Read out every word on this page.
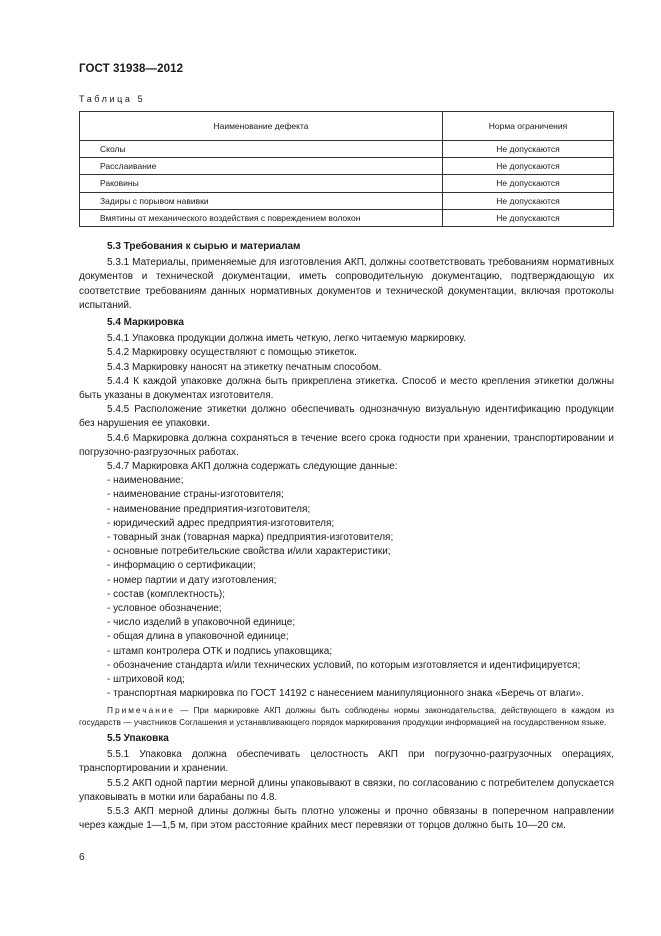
ГОСТ 31938—2012
Таблица 5
Наименование дефекта	Норма ограничения
Сколы	Не допускаются
Расслаивание	Не допускаются
Раковины	Не допускаются
Задиры с порывом навивки	Не допускаются
Вмятины от механического воздействия с повреждением волокон	Не допускаются

5.3 Требования к сырью и материалам

5.3.1 Материалы, применяемые для изготовления АКП, должны соответствовать требованиям нормативных документов и технической документации, иметь сопроводительную документацию, подтверждающую их соответствие требованиям данных нормативных документов и технической документации, включая протоколы испытаний.

5.4 Маркировка

5.4.1 Упаковка продукции должна иметь четкую, легко читаемую маркировку.

5.4.2 Маркировку осуществляют с помощью этикеток.

5.4.3 Маркировку наносят на этикетку печатным способом.

5.4.4 К каждой упаковке должна быть прикреплена этикетка. Способ и место крепления этикетки должны быть указаны в документах изготовителя.

5.4.5 Расположение этикетки должно обеспечивать однозначную визуальную идентификацию продукции без нарушения ее упаковки.

5.4.6 Маркировка должна сохраняться в течение всего срока годности при хранении, транспортировании и погрузочно-разгрузочных работах.

5.4.7 Маркировка АКП должна содержать следующие данные:

- наименование;

- наименование страны-изготовителя;

- наименование предприятия-изготовителя;

- юридический адрес предприятия-изготовителя;

- товарный знак (товарная марка) предприятия-изготовителя;

- основные потребительские свойства и/или характеристики;

- информацию о сертификации;

- номер партии и дату изготовления;

- состав (комплектность);

- условное обозначение;

- число изделий в упаковочной единице;

- общая длина в упаковочной единице;

- штамп контролера ОТК и подпись упаковщика;

- обозначение стандарта и/или технических условий, по которым изготовляется и идентифицируется;

- штриховой код;

- транспортная маркировка по ГОСТ 14192 с нанесением манипуляционного знака «Беречь от влаги».

Примечание — При маркировке АКП должны быть соблюдены нормы законодательства, действующего в каждом из государств — участников Соглашения и устанавливающего порядок маркирования продукции информацией на государственном языке.

5.5 Упаковка

5.5.1 Упаковка должна обеспечивать целостность АКП при погрузочно-разгрузочных операциях, транспортировании и хранении.

5.5.2 АКП одной партии мерной длины упаковывают в связки, по согласованию с потребителем допускается упаковывать в мотки или барабаны по 4.8.

5.5.3 АКП мерной длины должны быть плотно уложены и прочно обвязаны в поперечном направлении через каждые 1—1,5 м, при этом расстояние крайних мест перевязки от торцов должно быть 10—20 см.

6
